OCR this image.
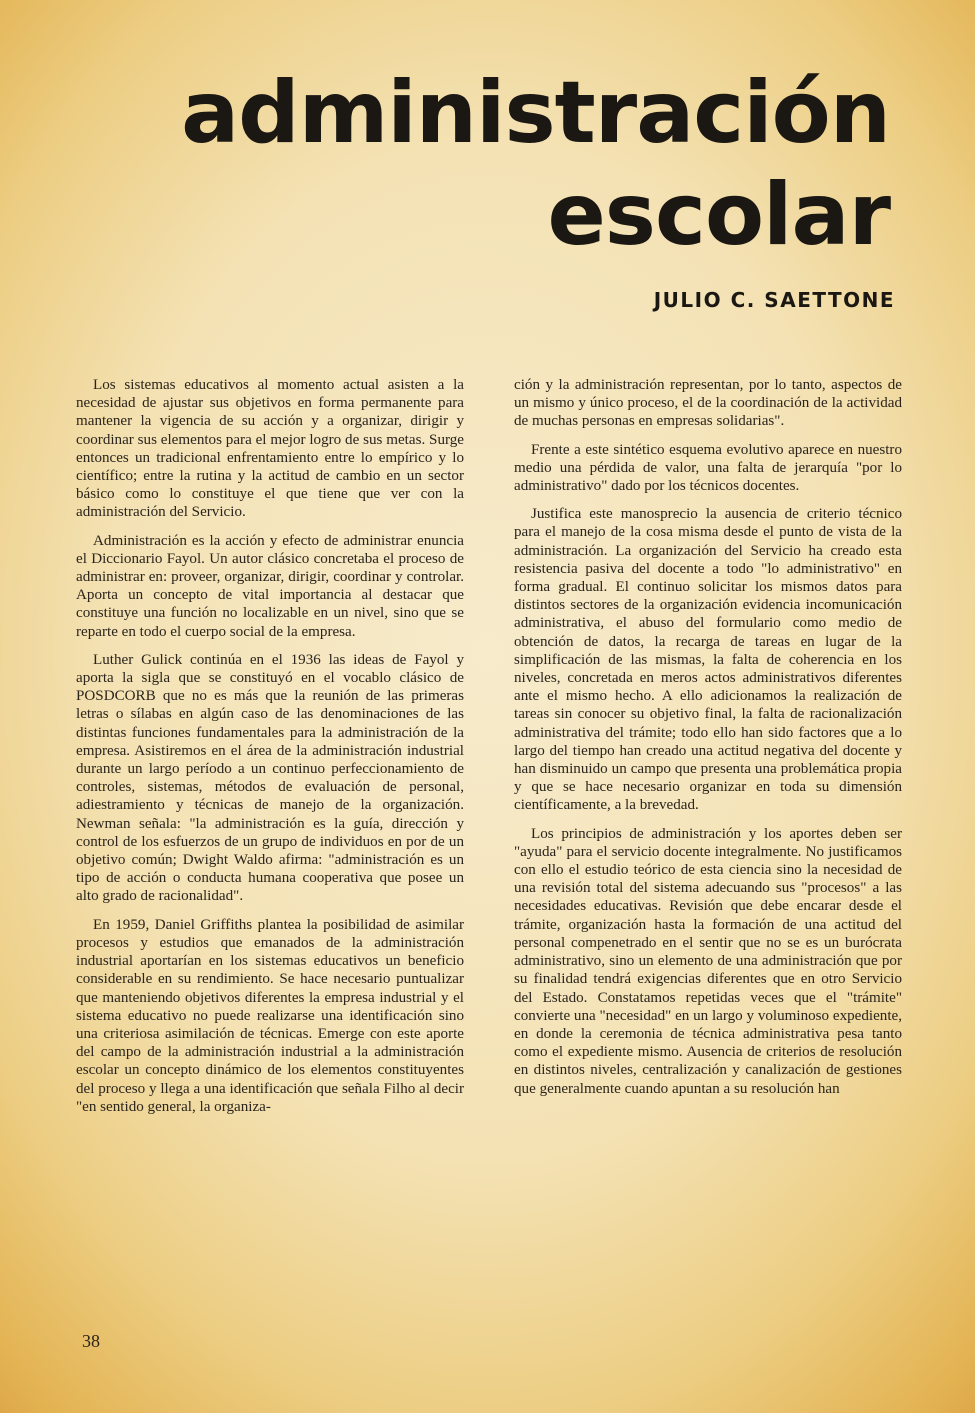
administración
escolar
JULIO C. SAETTONE

Los sistemas educativos al momento actual asisten a la necesidad de ajustar sus objetivos en forma permanente para mantener la vigencia de su acción y a organizar, dirigir y coordinar sus elementos para el mejor logro de sus metas. Surge entonces un tradicional enfrentamiento entre lo empírico y lo científico; entre la rutina y la actitud de cambio en un sector básico como lo constituye el que tiene que ver con la administración del Servicio.

Administración es la acción y efecto de administrar enuncia el Diccionario Fayol. Un autor clásico concretaba el proceso de administrar en: proveer, organizar, dirigir, coordinar y controlar. Aporta un concepto de vital importancia al destacar que constituye una función no localizable en un nivel, sino que se reparte en todo el cuerpo social de la empresa.

Luther Gulick continúa en el 1936 las ideas de Fayol y aporta la sigla que se constituyó en el vocablo clásico de POSDCORB que no es más que la reunión de las primeras letras o sílabas en algún caso de las denominaciones de las distintas funciones fundamentales para la administración de la empresa. Asistiremos en el área de la administración industrial durante un largo período a un continuo perfeccionamiento de controles, sistemas, métodos de evaluación de personal, adiestramiento y técnicas de manejo de la organización. Newman señala: "la administración es la guía, dirección y control de los esfuerzos de un grupo de individuos en por de un objetivo común; Dwight Waldo afirma: "administración es un tipo de acción o conducta humana cooperativa que posee un alto grado de racionalidad".

En 1959, Daniel Griffiths plantea la posibilidad de asimilar procesos y estudios que emanados de la administración industrial aportarían en los sistemas educativos un beneficio considerable en su rendimiento. Se hace necesario puntualizar que manteniendo objetivos diferentes la empresa industrial y el sistema educativo no puede realizarse una identificación sino una criteriosa asimilación de técnicas. Emerge con este aporte del campo de la administración industrial a la administración escolar un concepto dinámico de los elementos constituyentes del proceso y llega a una identificación que señala Filho al decir "en sentido general, la organiza-

ción y la administración representan, por lo tanto, aspectos de un mismo y único proceso, el de la coordinación de la actividad de muchas personas en empresas solidarias".

Frente a este sintético esquema evolutivo aparece en nuestro medio una pérdida de valor, una falta de jerarquía "por lo administrativo" dado por los técnicos docentes.

Justifica este manosprecio la ausencia de criterio técnico para el manejo de la cosa misma desde el punto de vista de la administración. La organización del Servicio ha creado esta resistencia pasiva del docente a todo "lo administrativo" en forma gradual. El continuo solicitar los mismos datos para distintos sectores de la organización evidencia incomunicación administrativa, el abuso del formulario como medio de obtención de datos, la recarga de tareas en lugar de la simplificación de las mismas, la falta de coherencia en los niveles, concretada en meros actos administrativos diferentes ante el mismo hecho. A ello adicionamos la realización de tareas sin conocer su objetivo final, la falta de racionalización administrativa del trámite; todo ello han sido factores que a lo largo del tiempo han creado una actitud negativa del docente y han disminuido un campo que presenta una problemática propia y que se hace necesario organizar en toda su dimensión científicamente, a la brevedad.

Los principios de administración y los aportes deben ser "ayuda" para el servicio docente integralmente. No justificamos con ello el estudio teórico de esta ciencia sino la necesidad de una revisión total del sistema adecuando sus "procesos" a las necesidades educativas. Revisión que debe encarar desde el trámite, organización hasta la formación de una actitud del personal compenetrado en el sentir que no se es un burócrata administrativo, sino un elemento de una administración que por su finalidad tendrá exigencias diferentes que en otro Servicio del Estado. Constatamos repetidas veces que el "trámite" convierte una "necesidad" en un largo y voluminoso expediente, en donde la ceremonia de técnica administrativa pesa tanto como el expediente mismo. Ausencia de criterios de resolución en distintos niveles, centralización y canalización de gestiones que generalmente cuando apuntan a su resolución han

38
